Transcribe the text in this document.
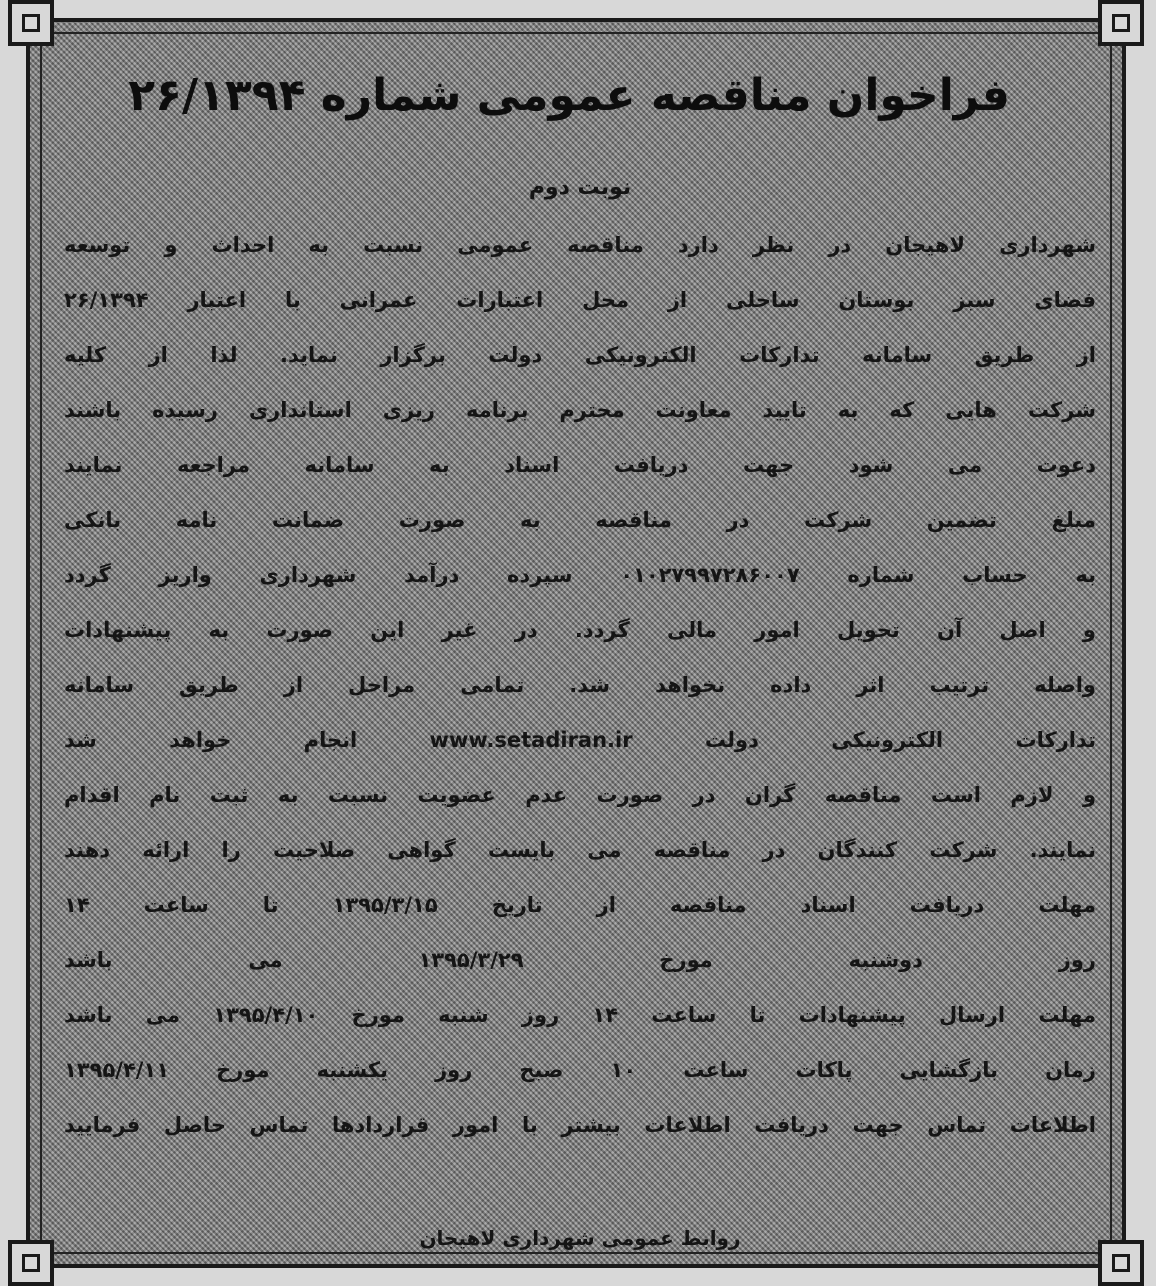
فراخوان مناقصه عمومی شماره ۲۶/۱۳۹۴
نوبت دوم
شهرداری لاهیجان در نظر دارد مناقصه عمومی نسبت به احداث و توسعه
فضای سبز بوستان ساحلی از محل اعتبارات عمرانی با اعتبار ۲۶/۱۳۹۴
از طریق سامانه تدارکات الکترونیکی دولت برگزار نماید. لذا از کلیه
شرکت هایی که به تایید معاونت محترم برنامه ریزی استانداری رسیده باشند
دعوت می شود جهت دریافت اسناد به سامانه مراجعه نمایند
مبلغ تضمین شرکت در مناقصه به صورت ضمانت نامه بانکی
به حساب شماره ۰۱۰۲۷۹۹۷۲۸۶۰۰۷ سپرده درآمد شهرداری واریز گردد
و اصل آن تحویل امور مالی گردد. در غیر این صورت به پیشنهادات
واصله ترتیب اثر داده نخواهد شد. تمامی مراحل از طریق سامانه
تدارکات الکترونیکی دولت www.setadiran.ir انجام خواهد شد
و لازم است مناقصه گران در صورت عدم عضویت نسبت به ثبت نام اقدام
نمایند. شرکت کنندگان در مناقصه می بایست گواهی صلاحیت را ارائه دهند
مهلت دریافت اسناد مناقصه از تاریخ ۱۳۹۵/۳/۱۵ تا ساعت ۱۴
روز دوشنبه مورخ ۱۳۹۵/۳/۲۹ می باشد
مهلت ارسال پیشنهادات تا ساعت ۱۴ روز شنبه مورخ ۱۳۹۵/۴/۱۰ می باشد
زمان بازگشایی پاکات ساعت ۱۰ صبح روز یکشنبه مورخ ۱۳۹۵/۴/۱۱
اطلاعات تماس جهت دریافت اطلاعات بیشتر با امور قراردادها تماس حاصل فرمایید
روابط عمومی شهرداری لاهیجان
